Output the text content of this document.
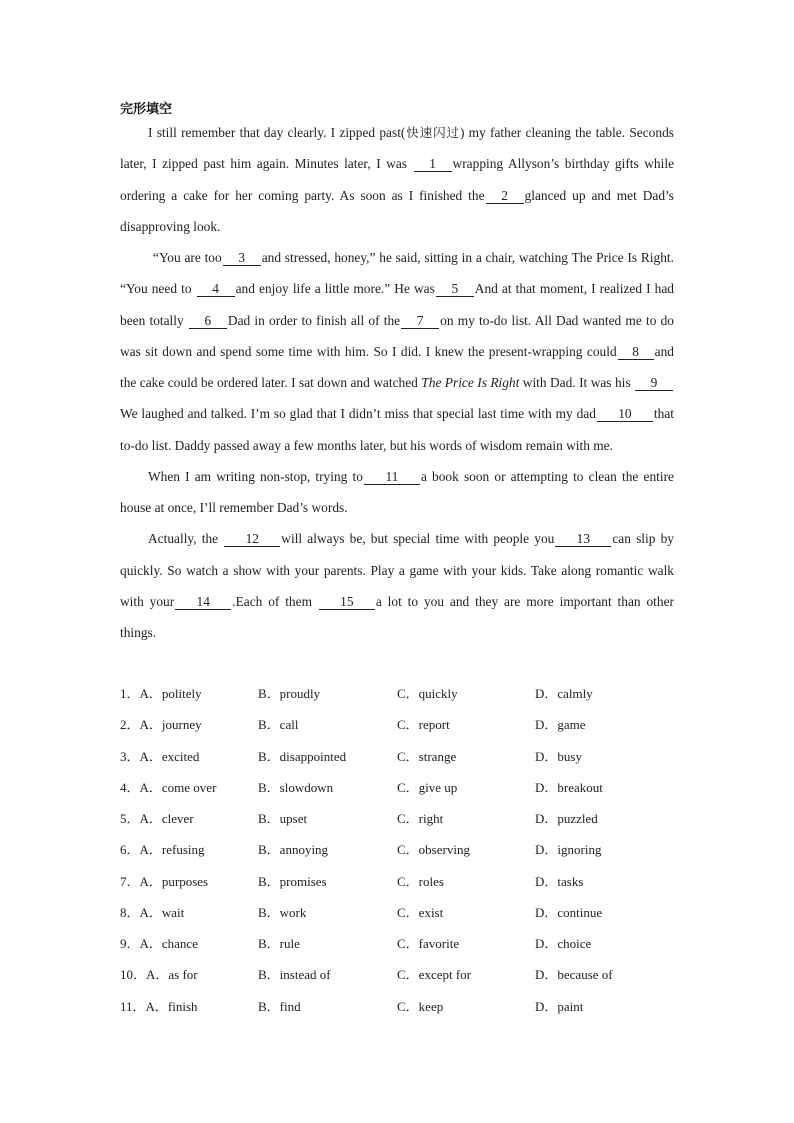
完形填空

I still remember that day clearly. I zipped past(快速闪过) my father cleaning the table. Seconds later, I zipped past him again. Minutes later, I was 1 wrapping Allyson’s birthday gifts while ordering a cake for her coming party. As soon as I finished the 2 glanced up and met Dad’s disapproving look.

“You are too 3 and stressed, honey,” he said, sitting in a chair, watching The Price Is Right. “You need to 4 and enjoy life a little more.” He was 5 And at that moment, I realized I had been totally 6 Dad in order to finish all of the 7 on my to-do list. All Dad wanted me to do was sit down and spend some time with him. So I did. I knew the present-wrapping could 8 and the cake could be ordered later. I sat down and watched The Price Is Right with Dad. It was his 9We laughed and talked. I’m so glad that I didn’t miss that special last time with my dad 10 that to-do list. Daddy passed away a few months later, but his words of wisdom remain with me.

When I am writing non-stop, trying to 11 a book soon or attempting to clean the entire house at once, I’ll remember Dad’s words.

Actually, the 12 will always be, but special time with people you 13 can slip by quickly. So watch a show with your parents. Play a game with your kids. Take along romantic walk with your 14 .Each of them 15 a lot to you and they are more important than other things.

1．A．politely	B．proudly	C．quickly	D．calmly
2．A．journey	B．call	C．report	D．game
3．A．excited	B．disappointed	C．strange	D．busy
4．A．come over	B．slowdown	C．give up	D．breakout
5．A．clever	B．upset	C．right	D．puzzled
6．A．refusing	B．annoying	C．observing	D．ignoring
7．A．purposes	B．promises	C．roles	D．tasks
8．A．wait	B．work	C．exist	D．continue
9．A．chance	B．rule	C．favorite	D．choice
10．A．as for	B．instead of	C．except for	D．because of
11．A．finish	B．find	C．keep	D．paint
